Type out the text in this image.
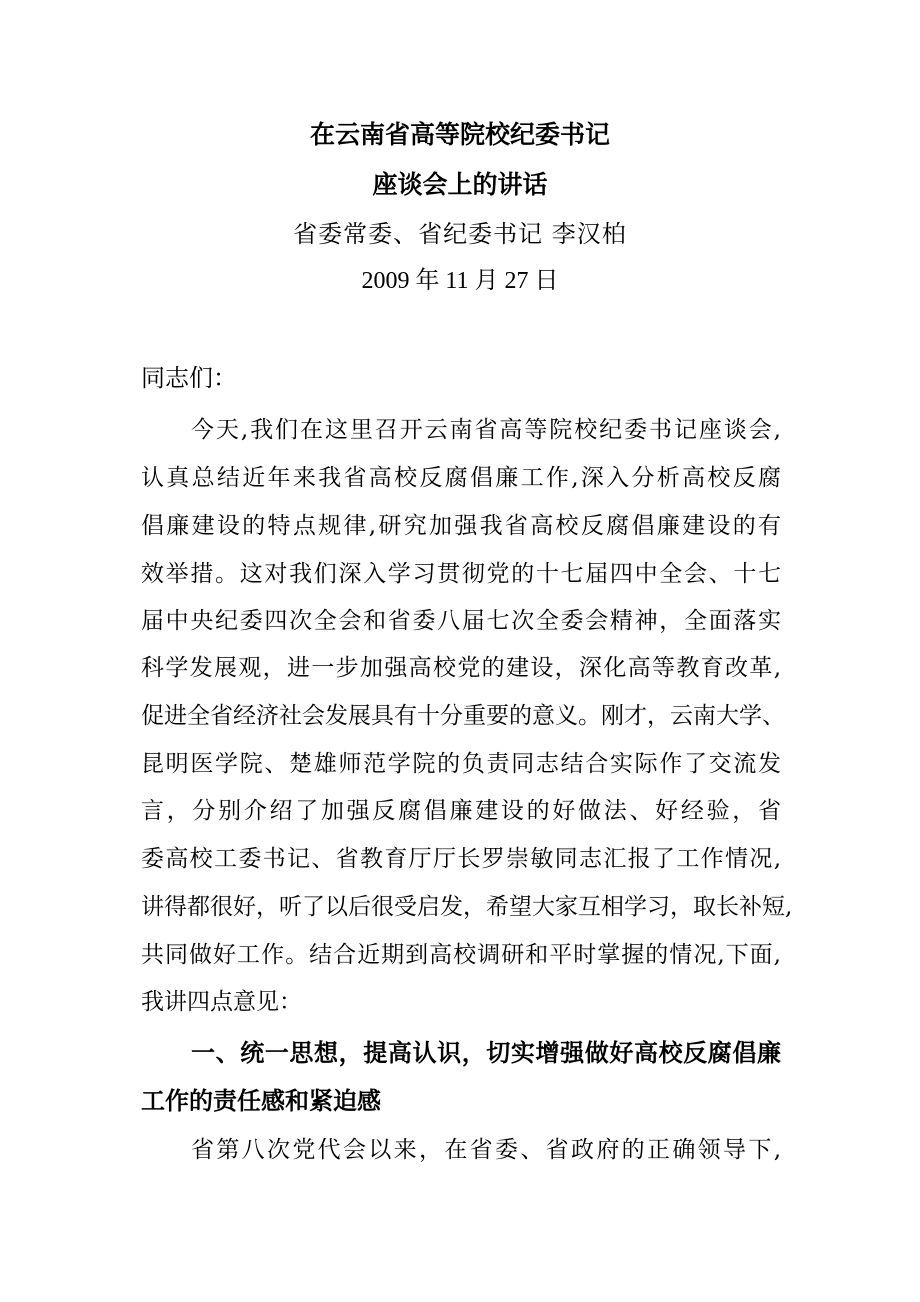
在云南省高等院校纪委书记
座谈会上的讲话
省委常委、省纪委书记 李汉柏
2009 年 11 月 27 日
同志们：
今天,我们在这里召开云南省高等院校纪委书记座谈会,
认真总结近年来我省高校反腐倡廉工作,深入分析高校反腐
倡廉建设的特点规律,研究加强我省高校反腐倡廉建设的有
效举措。这对我们深入学习贯彻党的十七届四中全会、十七
届中央纪委四次全会和省委八届七次全委会精神，全面落实
科学发展观，进一步加强高校党的建设，深化高等教育改革,
促进全省经济社会发展具有十分重要的意义。刚才，云南大学、
昆明医学院、楚雄师范学院的负责同志结合实际作了交流发
言，分别介绍了加强反腐倡廉建设的好做法、好经验，省
委高校工委书记、省教育厅厅长罗崇敏同志汇报了工作情况,
讲得都很好，听了以后很受启发，希望大家互相学习，取长补短,
共同做好工作。结合近期到高校调研和平时掌握的情况,下面,
我讲四点意见：
一、统一思想，提高认识，切实增强做好高校反腐倡廉
工作的责任感和紧迫感
省第八次党代会以来，在省委、省政府的正确领导下,
